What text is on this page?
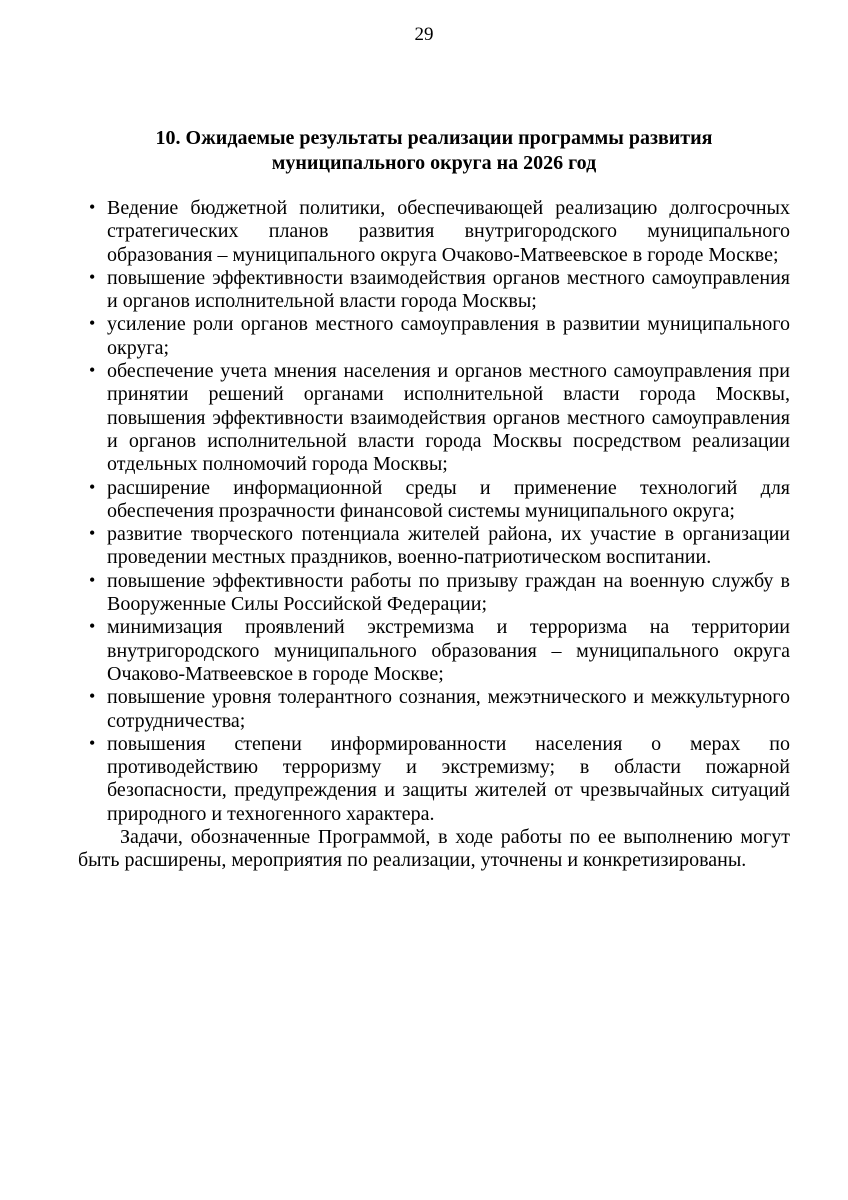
29
10. Ожидаемые результаты реализации программы развития
муниципального округа на 2026 год
• Ведение бюджетной политики, обеспечивающей реализацию долгосрочных стратегических планов развития внутригородского муниципального образования – муниципального округа Очаково-Матвеевское в городе Москве;
• повышение эффективности взаимодействия органов местного самоуправления и органов исполнительной власти города Москвы;
• усиление роли органов местного самоуправления в развитии муниципального округа;
• обеспечение учета мнения населения и органов местного самоуправления при принятии решений органами исполнительной власти города Москвы, повышения эффективности взаимодействия органов местного самоуправления и органов исполнительной власти города Москвы посредством реализации отдельных полномочий города Москвы;
• расширение информационной среды и применение технологий для обеспечения прозрачности финансовой системы муниципального округа;
• развитие творческого потенциала жителей района, их участие в организации проведении местных праздников, военно-патриотическом воспитании.
• повышение эффективности работы по призыву граждан на военную службу в Вооруженные Силы Российской Федерации;
• минимизация проявлений экстремизма и терроризма на территории внутригородского муниципального образования – муниципального округа Очаково-Матвеевское в городе Москве;
• повышение уровня толерантного сознания, межэтнического и межкультурного сотрудничества;
• повышения степени информированности населения о мерах по противодействию терроризму и экстремизму; в области пожарной безопасности, предупреждения и защиты жителей от чрезвычайных ситуаций природного и техногенного характера.

Задачи, обозначенные Программой, в ходе работы по ее выполнению могут быть расширены, мероприятия по реализации, уточнены и конкретизированы.
